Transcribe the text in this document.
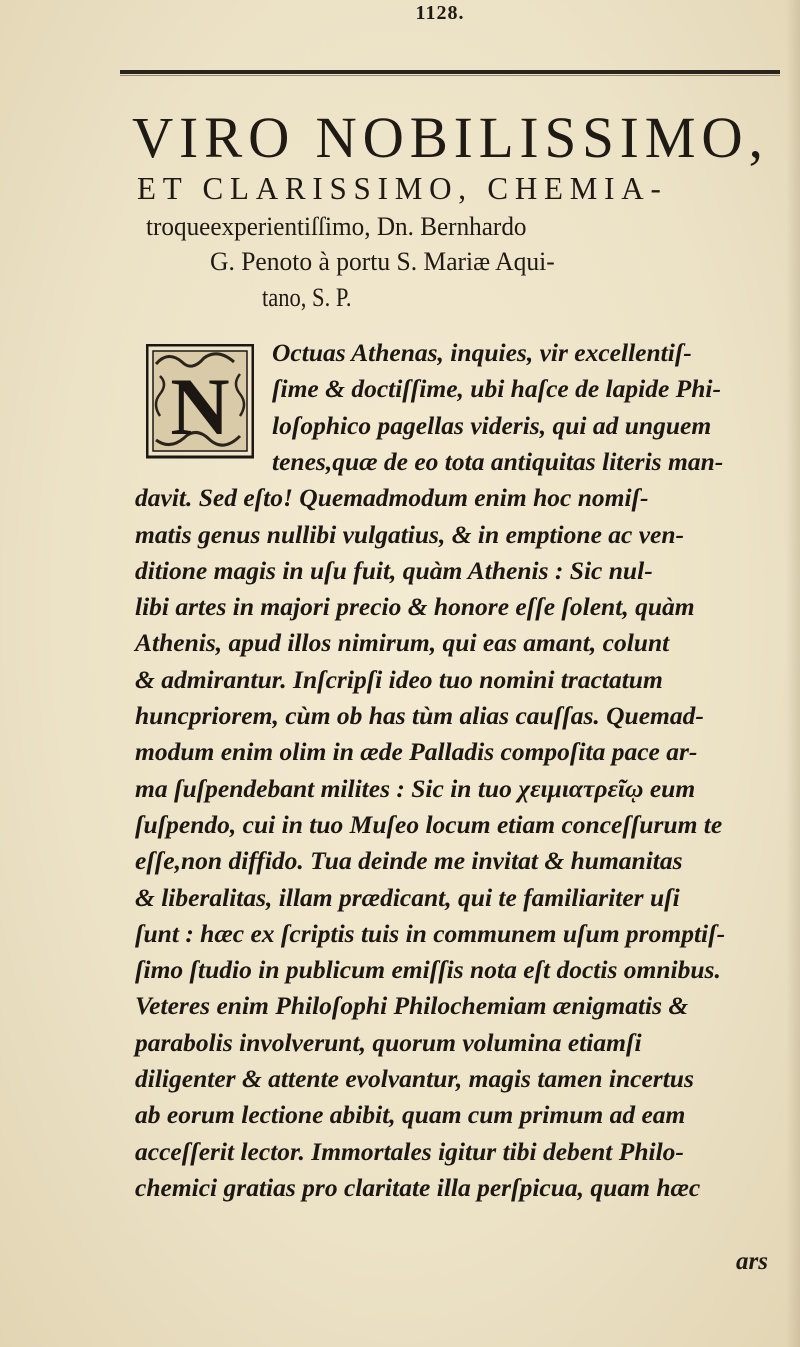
1128.
VIRO NOBILISSIMO,
ET CLARISSIMO, CHEMIA-
troqueexperientiſſimo, Dn. Bernhardo
G. Penoto à portu S. Mariæ Aqui-
tano, S. P.
N
Octuas Athenas, inquies, vir excellentiſ-
ſime & doctiſſime, ubi haſce de lapide Phi-
loſophico pagellas videris, qui ad unguem
tenes,quæ de eo tota antiquitas literis man-
davit. Sed eſto! Quemadmodum enim hoc nomiſ-
matis genus nullibi vulgatius, & in emptione ac ven-
ditione magis in uſu fuit, quàm Athenis : Sic nul-
libi artes in majori precio & honore eſſe ſolent, quàm
Athenis, apud illos nimirum, qui eas amant, colunt
& admirantur. Inſcripſi ideo tuo nomini tractatum
huncpriorem, cùm ob has tùm alias cauſſas. Quemad-
modum enim olim in æde Palladis compoſita pace ar-
ma ſuſpendebant milites : Sic in tuo χειμιατρεῖῳ eum
ſuſpendo, cui in tuo Muſeo locum etiam conceſſurum te
eſſe,non diffido. Tua deinde me invitat & humanitas
& liberalitas, illam prædicant, qui te familiariter uſi
ſunt : hæc ex ſcriptis tuis in communem uſum promptiſ-
ſimo ſtudio in publicum emiſſis nota eſt doctis omnibus.
Veteres enim Philoſophi Philochemiam ænigmatis &
parabolis involverunt, quorum volumina etiamſi
diligenter & attente evolvantur, magis tamen incertus
ab eorum lectione abibit, quam cum primum ad eam
acceſſerit lector. Immortales igitur tibi debent Philo-
chemici gratias pro claritate illa perſpicua, quam hæc
ars
